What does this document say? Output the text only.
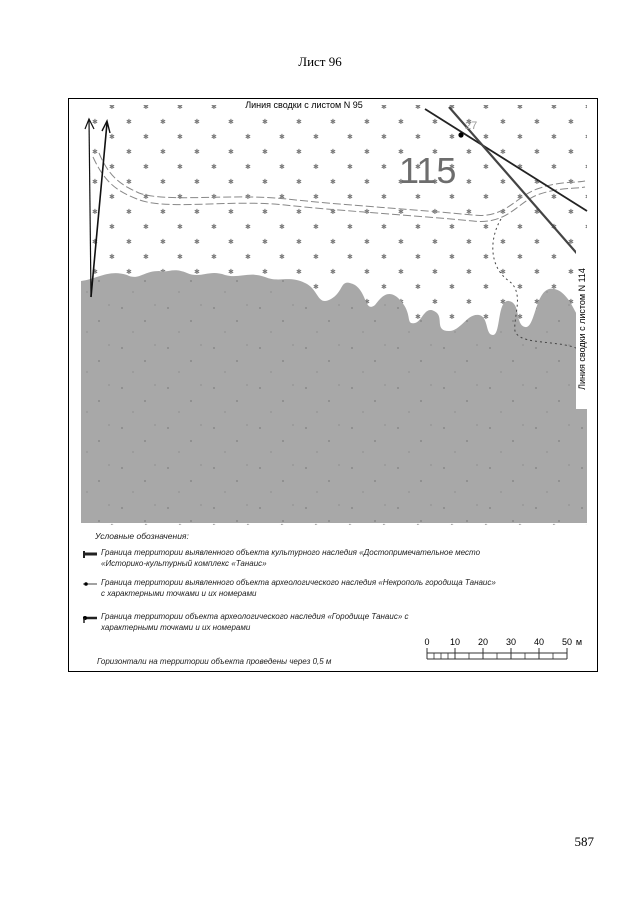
Лист 96
Линия сводки с листом N 95
Линия сводки с листом N 114
115
27
0 10 20 30 40 50 м
Условные обозначения:
Граница территории выявленного объекта культурного наследия «Достопримечательное место
«Историко-культурный комплекс «Танаис»
Граница территории выявленного объекта археологического наследия «Некрополь городища Танаис»
с характерными точками и их номерами
Граница территории объекта археологического наследия «Городище Танаис» с
характерными точками и их номерами
Горизонтали на территории объекта проведены через 0,5 м
587
